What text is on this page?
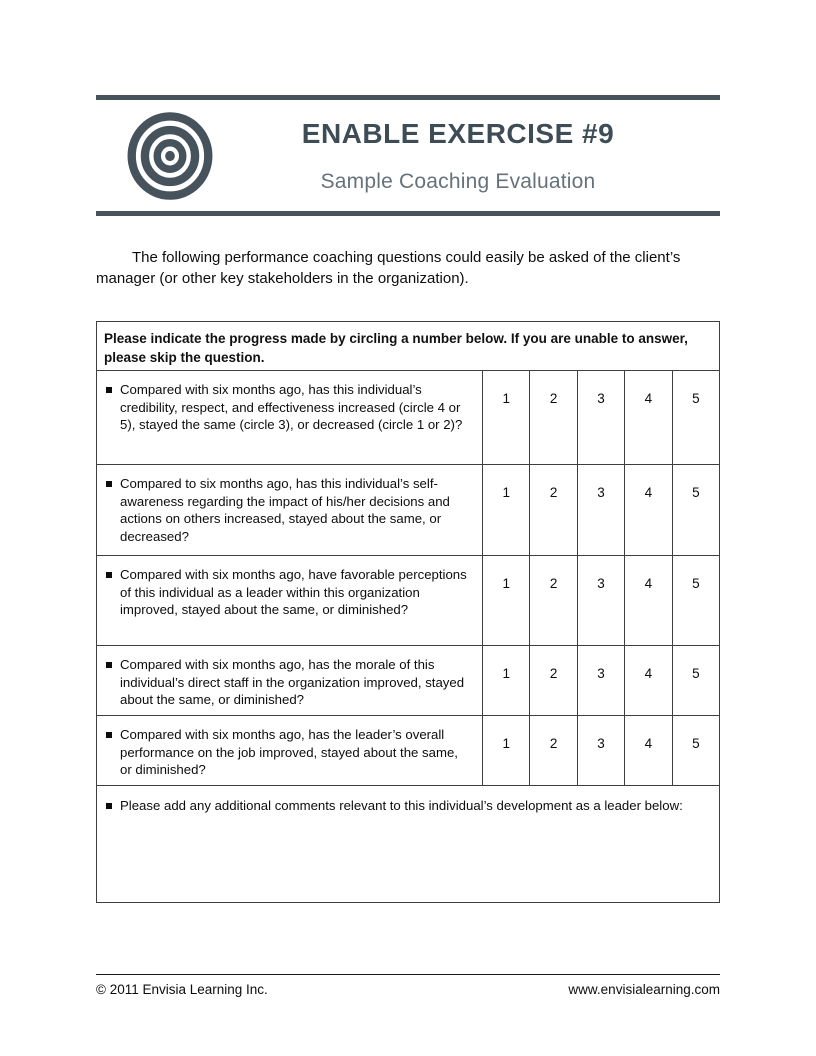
ENABLE EXERCISE #9
Sample Coaching Evaluation

The following performance coaching questions could easily be asked of the client’s manager (or other key stakeholders in the organization).

Please indicate the progress made by circling a number below. If you are unable to answer, please skip the question.
Compared with six months ago, has this individual’s credibility, respect, and effectiveness increased (circle 4 or 5), stayed the same (circle 3), or decreased (circle 1 or 2)?
1	2	3	4	5
Compared to six months ago, has this individual’s self-awareness regarding the impact of his/her decisions and actions on others increased, stayed about the same, or decreased?
1	2	3	4	5
Compared with six months ago, have favorable perceptions of this individual as a leader within this organization improved, stayed about the same, or diminished?
1	2	3	4	5
Compared with six months ago, has the morale of this individual’s direct staff in the organization improved, stayed about the same, or diminished?
1	2	3	4	5
Compared with six months ago, has the leader’s overall performance on the job improved, stayed about the same, or diminished?
1	2	3	4	5
Please add any additional comments relevant to this individual’s development as a leader below:
© 2011 Envisia Learning Inc.	www.envisialearning.com
